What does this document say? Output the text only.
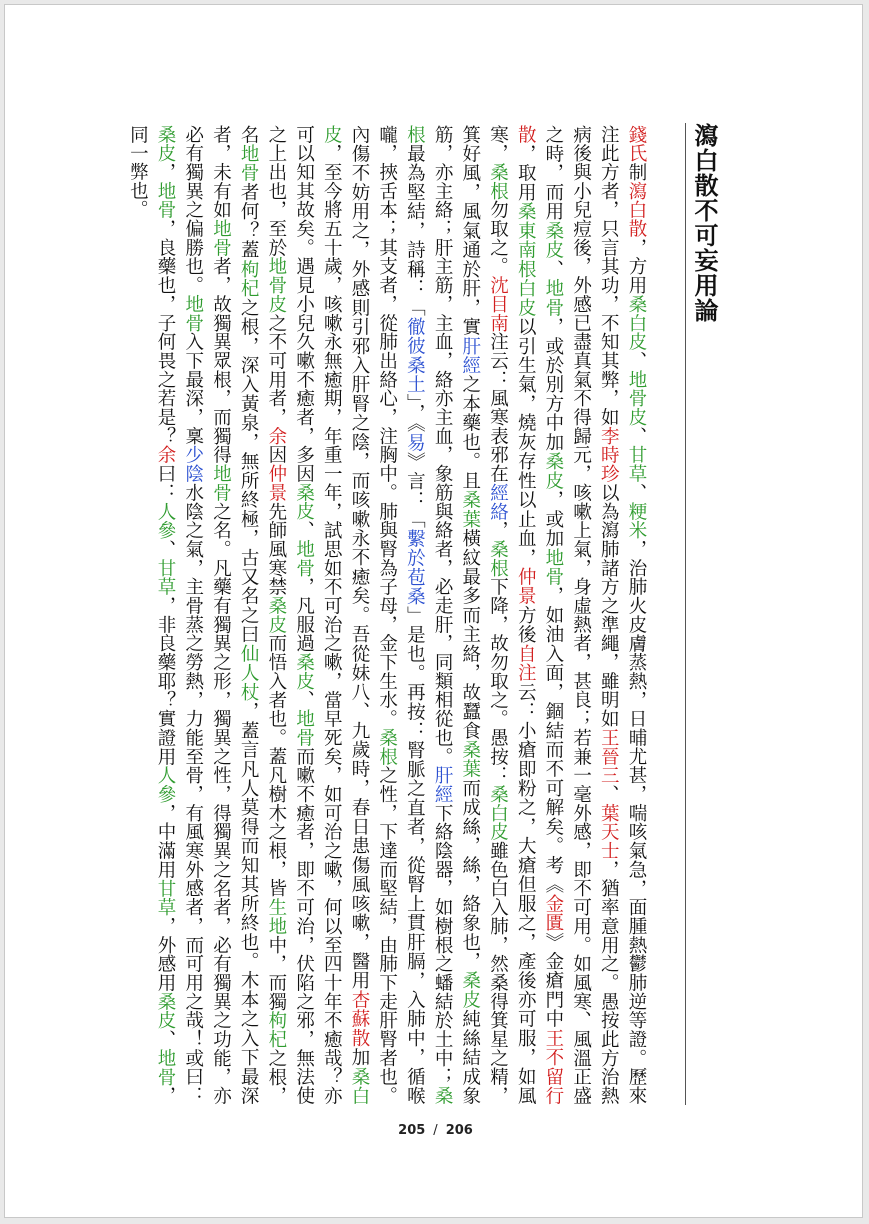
瀉白散不可妄用論

錢氏制瀉白散，方用桑白皮、地骨皮、甘草、粳米，治肺火皮膚蒸熱，日晡尤甚，喘咳氣急，面腫熱鬱肺逆等證。歷來注此方者，只言其功，不知其弊，如李時珍以為瀉肺諸方之準繩，雖明如王晉三、葉天士，猶率意用之。愚按此方治熱病後與小兒痘後，外感已盡真氣不得歸元，咳嗽上氣，身虛熱者，甚良；若兼一毫外感，即不可用。如風寒、風溫正盛之時，而用桑皮、地骨，或於別方中加桑皮，或加地骨，如油入面，錮結而不可解矣。考《金匱》金瘡門中王不留行散，取用桑東南根白皮以引生氣，燒灰存性以止血，仲景方後自注云：小瘡即粉之，大瘡但服之，產後亦可服，如風寒，桑根勿取之。沈目南注云：風寒表邪在經絡，桑根下降，故勿取之。愚按：桑白皮雖色白入肺，然桑得箕星之精，箕好風，風氣通於肝，實肝經之本藥也。且桑葉橫紋最多而主絡，故蠶食桑葉而成絲，絲，絡象也，桑皮純絲結成象筋，亦主絡；肝主筋，主血，絡亦主血，象筋與絡者，必走肝，同類相從也。肝經下絡陰器，如樹根之蟠結於土中；桑根最為堅結，詩稱：「徹彼桑土」，《易》言：「繫於苞桑」是也。再按：腎脈之直者，從腎上貫肝膈，入肺中，循喉嚨，挾舌本；其支者，從肺出絡心，注胸中。肺與腎為子母，金下生水。桑根之性，下達而堅結，由肺下走肝腎者也。內傷不妨用之，外感則引邪入肝腎之陰，而咳嗽永不癒矣。吾從妹八、九歲時，春日患傷風咳嗽，醫用杏蘇散加桑白皮，至今將五十歲，咳嗽永無癒期，年重一年，試思如不可治之嗽，當早死矣，如可治之嗽，何以至四十年不癒哉？亦可以知其故矣。遇見小兒久嗽不癒者，多因桑皮、地骨，凡服過桑皮、地骨而嗽不癒者，即不可治，伏陷之邪，無法使之上出也，至於地骨皮之不可用者，余因仲景先師風寒禁桑皮而悟入者也。蓋凡樹木之根，皆生地中，而獨枸杞之根，名地骨者何？蓋枸杞之根，深入黃泉，無所終極，古又名之曰仙人杖，蓋言凡人莫得而知其所終也。木本之入下最深者，未有如地骨者，故獨異眾根，而獨得地骨之名。凡藥有獨異之形，獨異之性，得獨異之名者，必有獨異之功能，亦必有獨異之偏勝也。地骨入下最深，稟少陰水陰之氣，主骨蒸之勞熱，力能至骨，有風寒外感者，而可用之哉！或曰：桑皮，地骨，良藥也，子何畏之若是？余曰：人參、甘草，非良藥耶？實證用人參，中滿用甘草，外感用桑皮、地骨，同一弊也。

205 / 206
